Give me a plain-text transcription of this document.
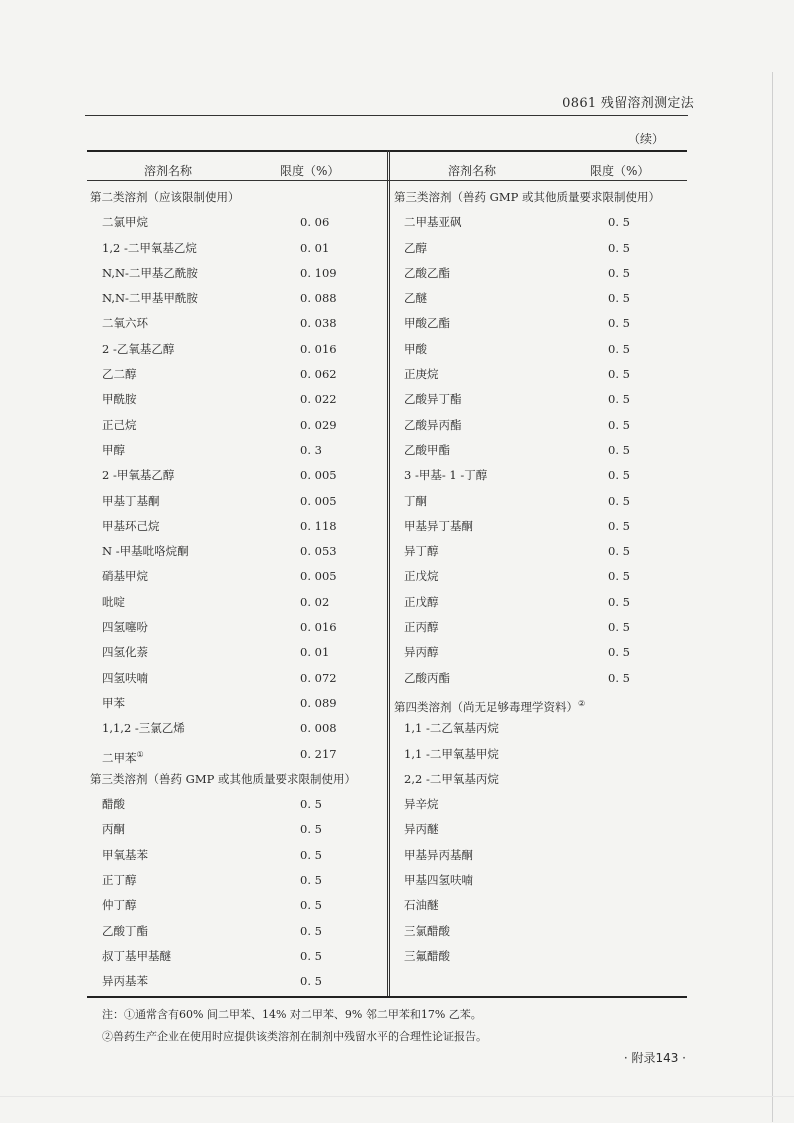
0861 残留溶剂测定法
（续）
溶剂名称	限度（%）	溶剂名称	限度（%）
第二类溶剂（应该限制使用）
二氯甲烷	0. 06
1,2 -二甲氧基乙烷	0. 01
N,N-二甲基乙酰胺	0. 109
N,N-二甲基甲酰胺	0. 088
二氧六环	0. 038
2 -乙氧基乙醇	0. 016
乙二醇	0. 062
甲酰胺	0. 022
正己烷	0. 029
甲醇	0. 3
2 -甲氧基乙醇	0. 005
甲基丁基酮	0. 005
甲基环己烷	0. 118
N -甲基吡咯烷酮	0. 053
硝基甲烷	0. 005
吡啶	0. 02
四氢噻吩	0. 016
四氢化萘	0. 01
四氢呋喃	0. 072
甲苯	0. 089
1,1,2 -三氯乙烯	0. 008
二甲苯①	0. 217
第三类溶剂（兽药 GMP 或其他质量要求限制使用）
醋酸	0. 5
丙酮	0. 5
甲氧基苯	0. 5
正丁醇	0. 5
仲丁醇	0. 5
乙酸丁酯	0. 5
叔丁基甲基醚	0. 5
异丙基苯	0. 5
第三类溶剂（兽药 GMP 或其他质量要求限制使用）
二甲基亚砜	0. 5
乙醇	0. 5
乙酸乙酯	0. 5
乙醚	0. 5
甲酸乙酯	0. 5
甲酸	0. 5
正庚烷	0. 5
乙酸异丁酯	0. 5
乙酸异丙酯	0. 5
乙酸甲酯	0. 5
3 -甲基- 1 -丁醇	0. 5
丁酮	0. 5
甲基异丁基酮	0. 5
异丁醇	0. 5
正戊烷	0. 5
正戊醇	0. 5
正丙醇	0. 5
异丙醇	0. 5
乙酸丙酯	0. 5
第四类溶剂（尚无足够毒理学资料）②
1,1 -二乙氧基丙烷
1,1 -二甲氧基甲烷
2,2 -二甲氧基丙烷
异辛烷
异丙醚
甲基异丙基酮
甲基四氢呋喃
石油醚
三氯醋酸
三氟醋酸
注：①通常含有60% 间二甲苯、14% 对二甲苯、9% 邻二甲苯和17% 乙苯。
②兽药生产企业在使用时应提供该类溶剂在制剂中残留水平的合理性论证报告。
· 附录143 ·
